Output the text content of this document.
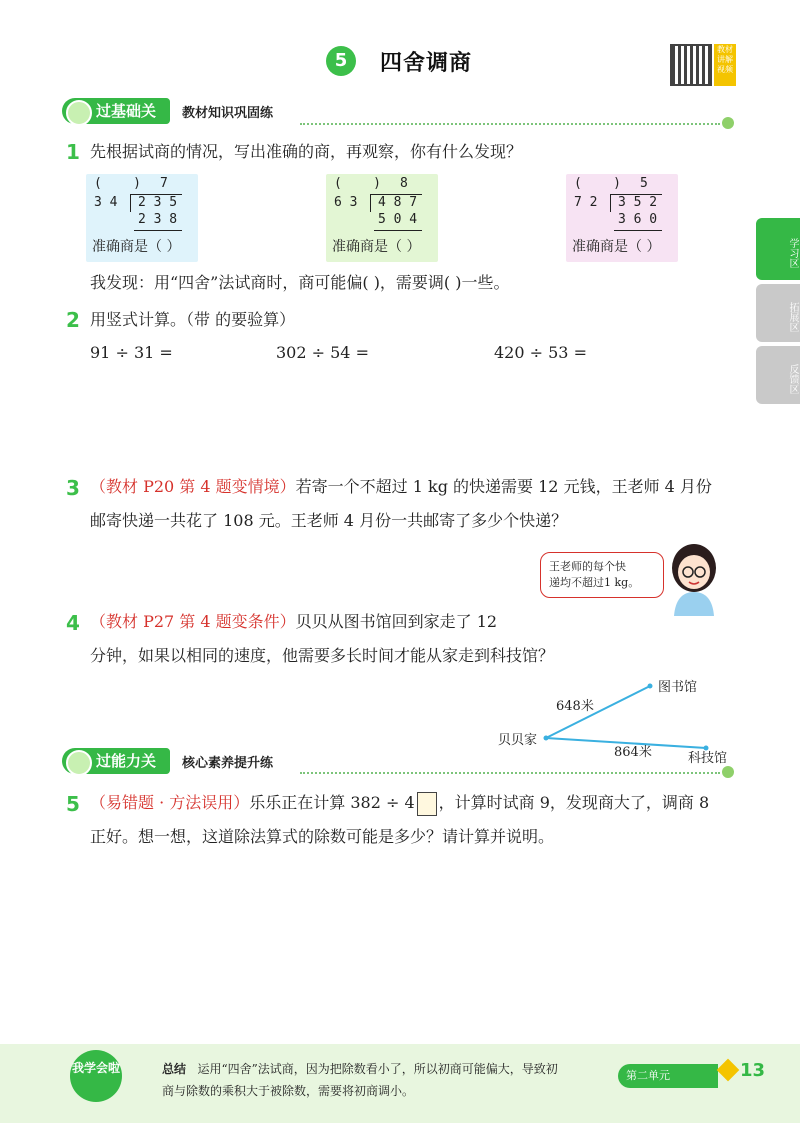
5	四舍调商
教材讲解视频
学习区
拓展区
反馈区
过基础关	教材知识巩固练
1 先根据试商的情况，写出准确的商，再观察，你有什么发现？
(    ) 7
3 4 2 3 5
2 3 8
准确商是（ ）
(    ) 8
6 3 4 8 7
5 0 4
准确商是（ ）
(    ) 5
7 2 3 5 2
3 6 0
准确商是（ ）
我发现：用“四舍”法试商时，商可能偏( )，需要调( )一些。
2 用竖式计算。（带 的要验算）
91 ÷ 31 =	302 ÷ 54 =	420 ÷ 53 =
3 （教材 P20 第 4 题变情境）若寄一个不超过 1 kg 的快递需要 12 元钱，王老师 4 月份
邮寄快递一共花了 108 元。王老师 4 月份一共邮寄了多少个快递？
王老师的每个快
递均不超过1 kg。
4 （教材 P27 第 4 题变条件）贝贝从图书馆回到家走了 12
分钟，如果以相同的速度，他需要多长时间才能从家走到科技馆？
贝贝家
图书馆
科技馆
648米
864米
过能力关	核心素养提升练
5 （易错题 · 方法误用）乐乐正在计算 382 ÷ 4 ，计算时试商 9，发现商大了，调商 8
正好。想一想，这道除法算式的除数可能是多少？请计算并说明。
我学会啦	总结 运用“四舍”法试商，因为把除数看小了，所以初商可能偏大，导致初
商与除数的乘积大于被除数，需要将初商调小。
第二单元	13
